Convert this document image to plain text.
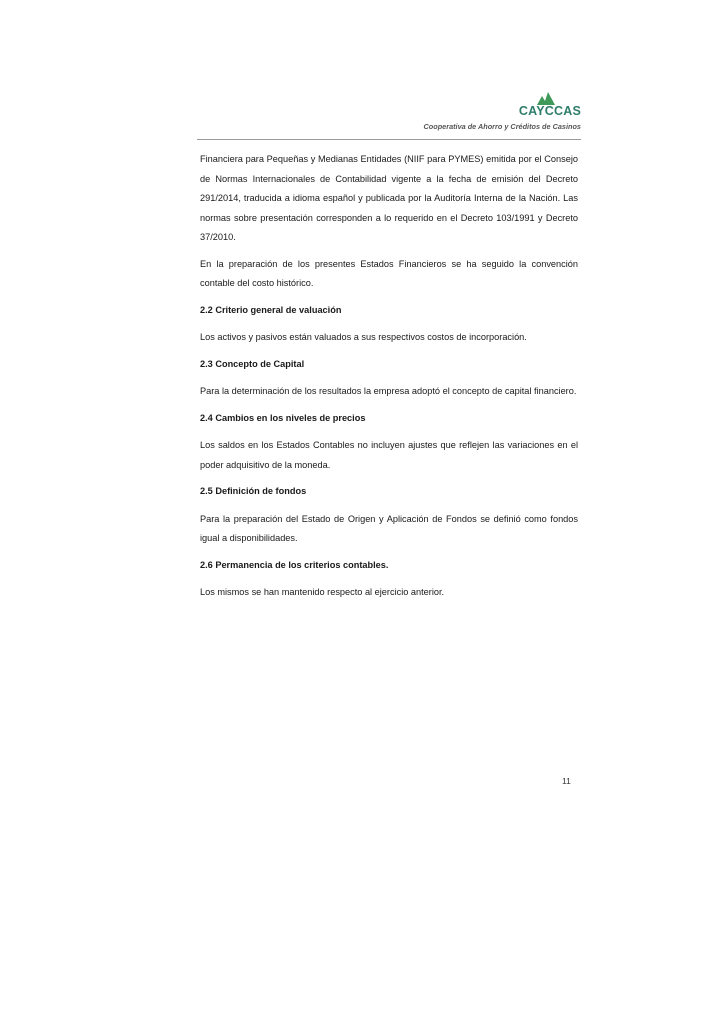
CAYCCAS
Cooperativa de Ahorro y Créditos de Casinos

Financiera para Pequeñas y Medianas Entidades (NIIF para PYMES) emitida por el Consejo de Normas Internacionales de Contabilidad vigente a la fecha de emisión del Decreto 291/2014, traducida a idioma español y publicada por la Auditoría Interna de la Nación. Las normas sobre presentación corresponden a lo requerido en el Decreto 103/1991 y Decreto 37/2010.

En la preparación de los presentes Estados Financieros se ha seguido la convención contable del costo histórico.

2.2 Criterio general de valuación

Los activos y pasivos están valuados a sus respectivos costos de incorporación.

2.3 Concepto de Capital

Para la determinación de los resultados la empresa adoptó el concepto de capital financiero.

2.4 Cambios en los niveles de precios

Los saldos en los Estados Contables no incluyen ajustes que reflejen las variaciones en el poder adquisitivo de la moneda.

2.5 Definición de fondos

Para la preparación del Estado de Origen y Aplicación de Fondos se definió como fondos igual a disponibilidades.

2.6 Permanencia de los criterios contables.

Los mismos se han mantenido respecto al ejercicio anterior.

11
